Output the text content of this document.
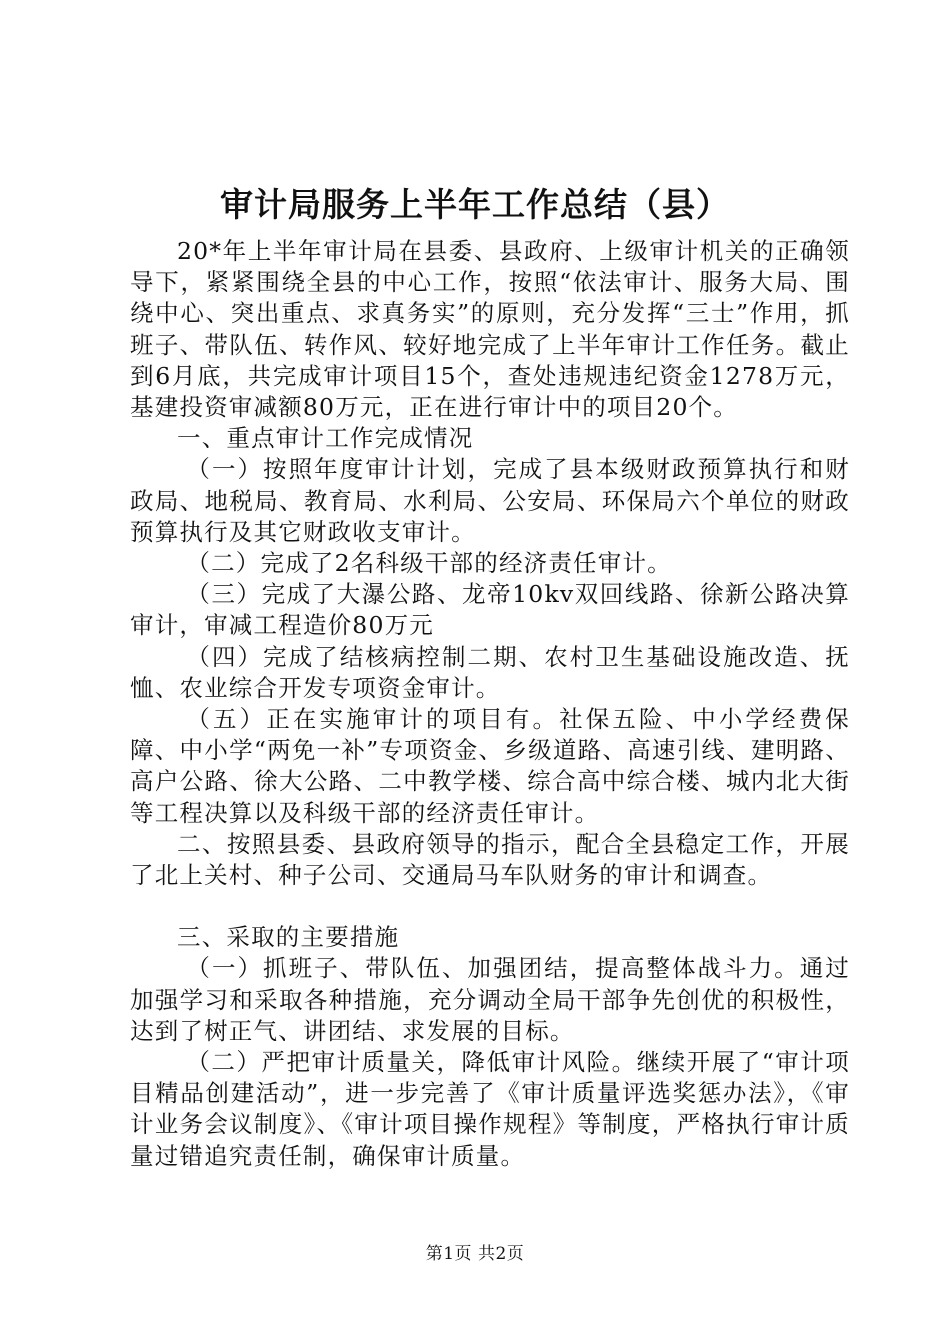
审计局服务上半年工作总结（县）

20*年上半年审计局在县委、县政府、上级审计机关的正确领导下，紧紧围绕全县的中心工作，按照“依法审计、服务大局、围绕中心、突出重点、求真务实”的原则，充分发挥“三士”作用，抓班子、带队伍、转作风、较好地完成了上半年审计工作任务。截止到6月底，共完成审计项目15个，查处违规违纪资金1278万元，基建投资审减额80万元，正在进行审计中的项目20个。

一、重点审计工作完成情况

（一）按照年度审计计划，完成了县本级财政预算执行和财政局、地税局、教育局、水利局、公安局、环保局六个单位的财政预算执行及其它财政收支审计。

（二）完成了2名科级干部的经济责任审计。

（三）完成了大瀑公路、龙帝10kv双回线路、徐新公路决算审计，审减工程造价80万元

（四）完成了结核病控制二期、农村卫生基础设施改造、抚恤、农业综合开发专项资金审计。

（五）正在实施审计的项目有。社保五险、中小学经费保障、中小学“两免一补”专项资金、乡级道路、高速引线、建明路、高户公路、徐大公路、二中教学楼、综合高中综合楼、城内北大街等工程决算以及科级干部的经济责任审计。

二、按照县委、县政府领导的指示，配合全县稳定工作，开展了北上关村、种子公司、交通局马车队财务的审计和调查。

三、采取的主要措施

（一）抓班子、带队伍、加强团结，提高整体战斗力。通过加强学习和采取各种措施，充分调动全局干部争先创优的积极性，达到了树正气、讲团结、求发展的目标。

（二）严把审计质量关，降低审计风险。继续开展了“审计项目精品创建活动”，进一步完善了《审计质量评选奖惩办法》，《审计业务会议制度》、《审计项目操作规程》等制度，严格执行审计质量过错追究责任制，确保审计质量。

第1页 共2页
